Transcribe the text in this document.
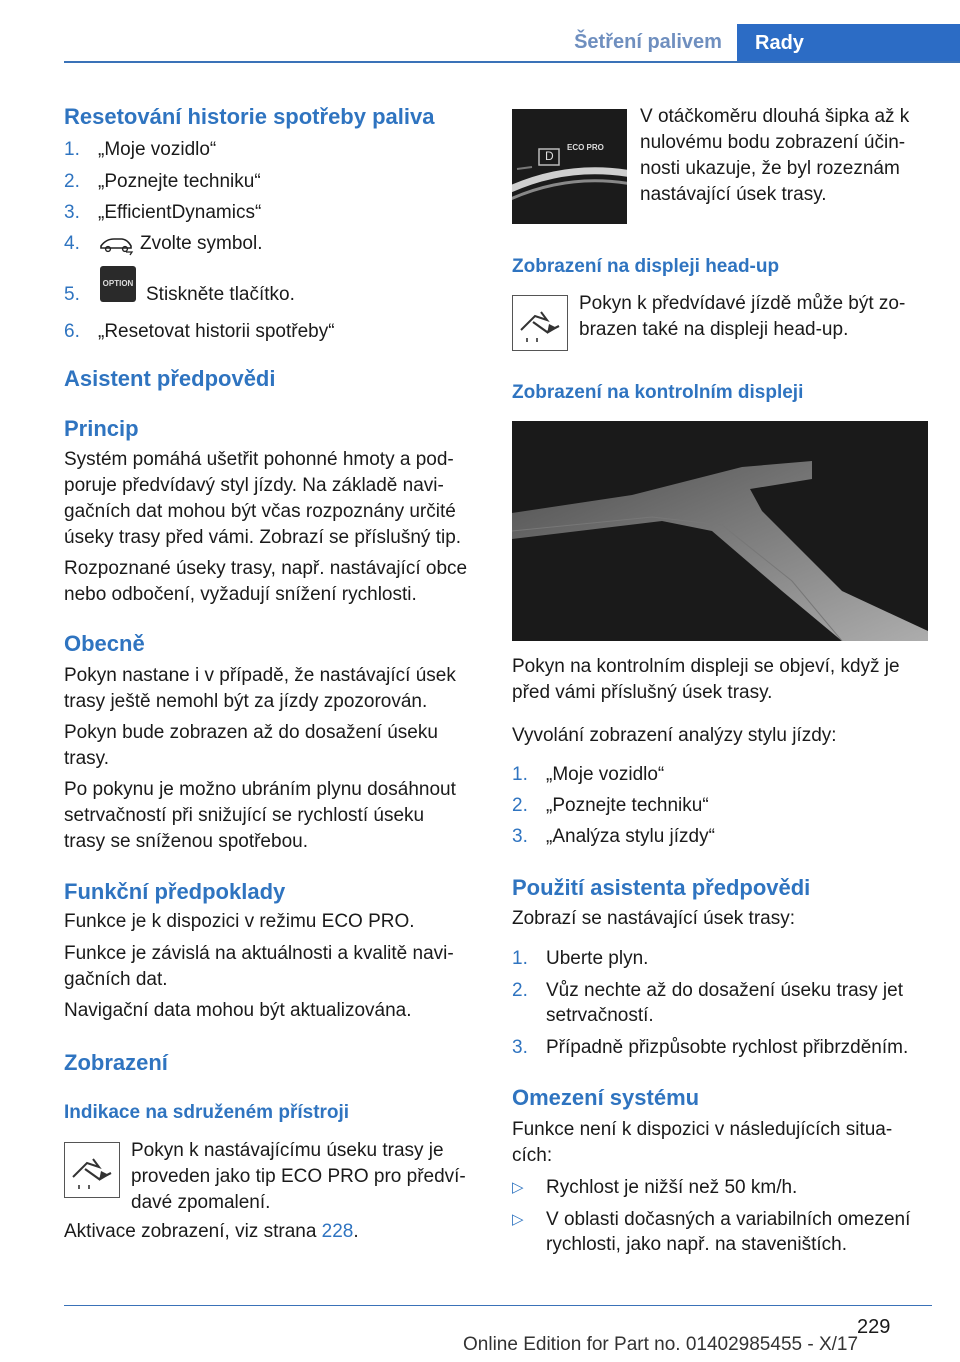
Šetření palivem	Rady
Resetování historie spotřeby paliva
1. „Moje vozidlo“
2. „Poznejte techniku“
3. „EfficientDynamics“
4.	Zvolte symbol.
5.
OPTION
Stiskněte tlačítko.
6. „Resetovat historii spotřeby“
Asistent předpovědi
Princip
Systém pomáhá ušetřit pohonné hmoty a pod-
poruje předvídavý styl jízdy. Na základě navi-
gačních dat mohou být včas rozpoznány určité
úseky trasy před vámi. Zobrazí se příslušný tip.
Rozpoznané úseky trasy, např. nastávající obce
nebo odbočení, vyžadují snížení rychlosti.
Obecně
Pokyn nastane i v případě, že nastávající úsek
trasy ještě nemohl být za jízdy zpozorován.
Pokyn bude zobrazen až do dosažení úseku
trasy.
Po pokynu je možno ubráním plynu dosáhnout
setrvačností při snižující se rychlostí úseku
trasy se sníženou spotřebou.
Funkční předpoklady
Funkce je k dispozici v režimu ECO PRO.
Funkce je závislá na aktuálnosti a kvalitě navi-
gačních dat.
Navigační data mohou být aktualizována.
Zobrazení
Indikace na sdruženém přístroji
Pokyn k nastávajícímu úseku trasy je
proveden jako tip ECO PRO pro předví-
davé zpomalení.
Aktivace zobrazení, viz strana 228.
D
ECO PRO
V otáčkoměru dlouhá šipka až k
nulovému bodu zobrazení účin-
nosti ukazuje, že byl rozeznám
nastávající úsek trasy.
Zobrazení na displeji head-up
Pokyn k předvídavé jízdě může být zo-
brazen také na displeji head-up.
Zobrazení na kontrolním displeji
Pokyn na kontrolním displeji se objeví, když je
před vámi příslušný úsek trasy.
Vyvolání zobrazení analýzy stylu jízdy:
1. „Moje vozidlo“
2. „Poznejte techniku“
3. „Analýza stylu jízdy“
Použití asistenta předpovědi
Zobrazí se nastávající úsek trasy:
1. Uberte plyn.
2. Vůz nechte až do dosažení úseku trasy jet
setrvačností.
3. Případně přizpůsobte rychlost přibrzděním.
Omezení systému
Funkce není k dispozici v následujících situa-
cích:
▷ Rychlost je nižší než 50 km/h.
▷ V oblasti dočasných a variabilních omezení
rychlosti, jako např. na staveništích.
229
Online Edition for Part no. 01402985455 - X/17
